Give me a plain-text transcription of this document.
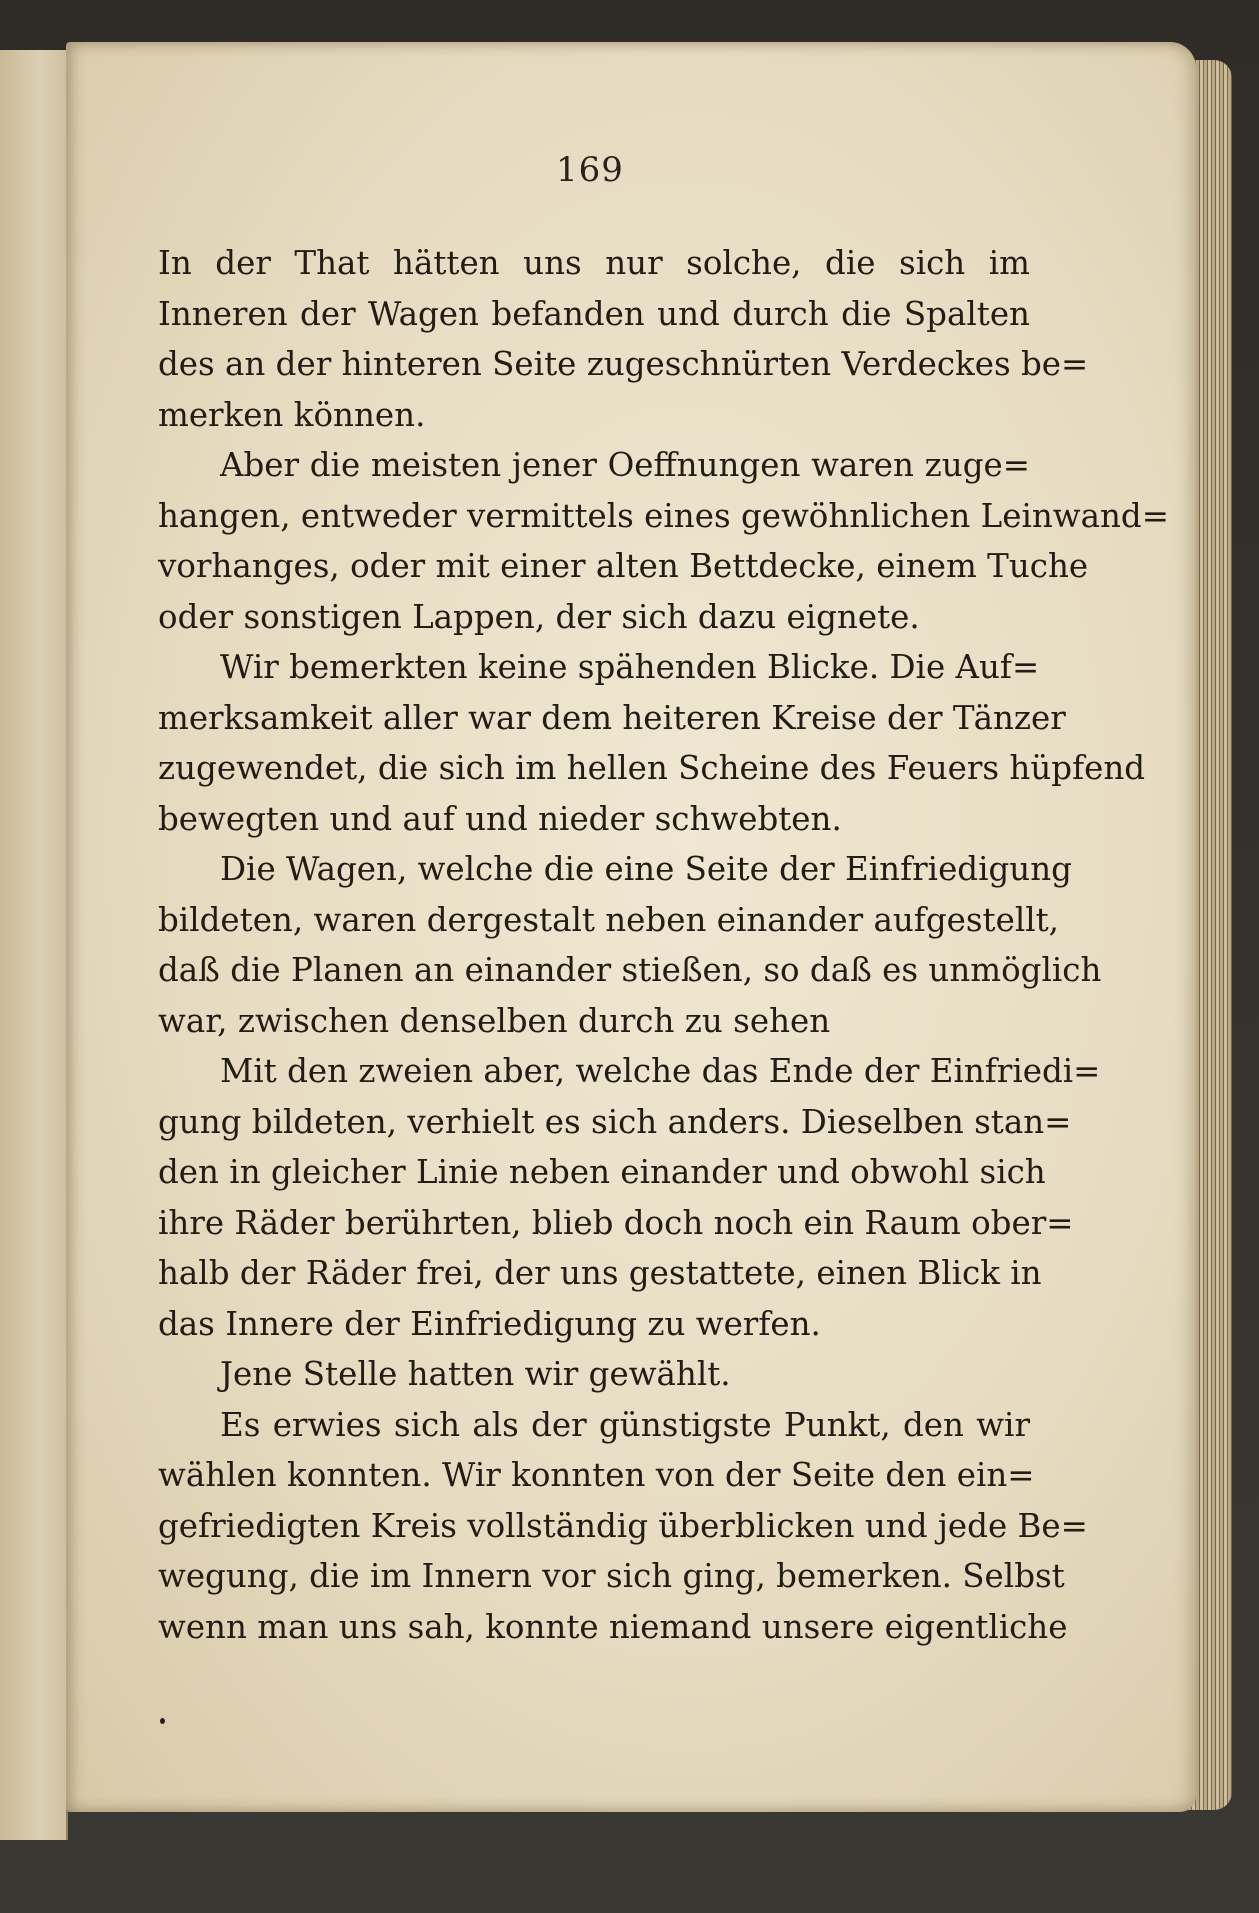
169
In der That hätten uns nur solche, die sich im
Inneren der Wagen befanden und durch die Spalten
des an der hinteren Seite zugeschnürten Verdeckes be=
merken können.
Aber die meisten jener Oeffnungen waren zuge=
hangen, entweder vermittels eines gewöhnlichen Leinwand=
vorhanges, oder mit einer alten Bettdecke, einem Tuche
oder sonstigen Lappen, der sich dazu eignete.
Wir bemerkten keine spähenden Blicke. Die Auf=
merksamkeit aller war dem heiteren Kreise der Tänzer
zugewendet, die sich im hellen Scheine des Feuers hüpfend
bewegten und auf und nieder schwebten.
Die Wagen, welche die eine Seite der Einfriedigung
bildeten, waren dergestalt neben einander aufgestellt,
daß die Planen an einander stießen, so daß es unmöglich
war, zwischen denselben durch zu sehen
Mit den zweien aber, welche das Ende der Einfriedi=
gung bildeten, verhielt es sich anders. Dieselben stan=
den in gleicher Linie neben einander und obwohl sich
ihre Räder berührten, blieb doch noch ein Raum ober=
halb der Räder frei, der uns gestattete, einen Blick in
das Innere der Einfriedigung zu werfen.
Jene Stelle hatten wir gewählt.
Es erwies sich als der günstigste Punkt, den wir
wählen konnten. Wir konnten von der Seite den ein=
gefriedigten Kreis vollständig überblicken und jede Be=
wegung, die im Innern vor sich ging, bemerken. Selbst
wenn man uns sah, konnte niemand unsere eigentliche
